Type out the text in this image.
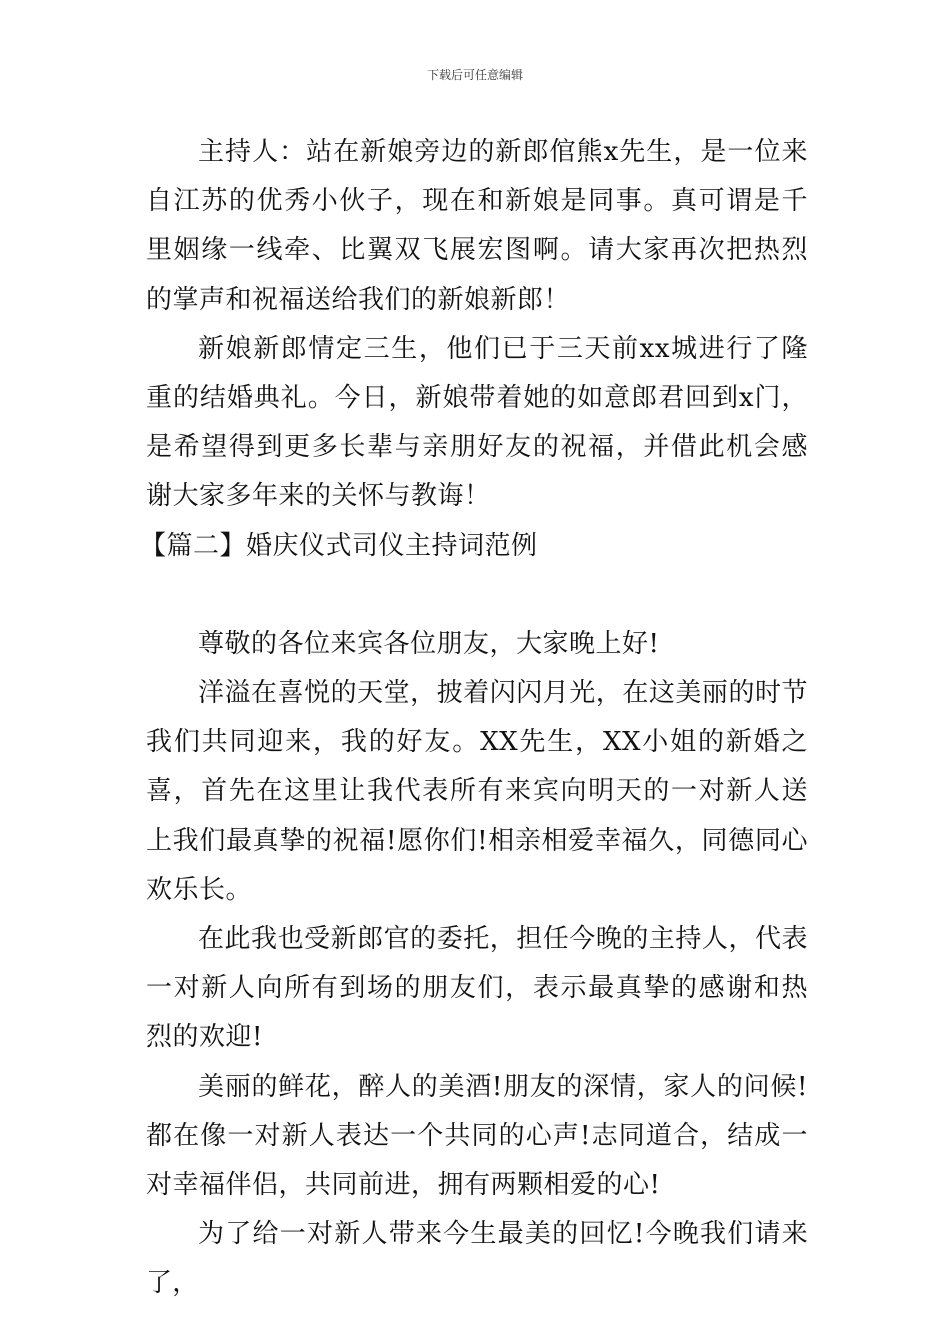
下载后可任意编辑

主持人：站在新娘旁边的新郎倌熊x先生，是一位来自江苏的优秀小伙子，现在和新娘是同事。真可谓是千里姻缘一线牵、比翼双飞展宏图啊。请大家再次把热烈的掌声和祝福送给我们的新娘新郎！

新娘新郎情定三生，他们已于三天前xx城进行了隆重的结婚典礼。今日，新娘带着她的如意郎君回到x门，是希望得到更多长辈与亲朋好友的祝福，并借此机会感谢大家多年来的关怀与教诲！

【篇二】婚庆仪式司仪主持词范例

尊敬的各位来宾各位朋友，大家晚上好!

洋溢在喜悦的天堂，披着闪闪月光，在这美丽的时节我们共同迎来，我的好友。XX先生，XX小姐的新婚之喜，首先在这里让我代表所有来宾向明天的一对新人送上我们最真挚的祝福!愿你们!相亲相爱幸福久，同德同心欢乐长。

在此我也受新郎官的委托，担任今晚的主持人，代表一对新人向所有到场的朋友们，表示最真挚的感谢和热烈的欢迎!

美丽的鲜花，醉人的美酒!朋友的深情，家人的问候!都在像一对新人表达一个共同的心声!志同道合，结成一对幸福伴侣，共同前进，拥有两颗相爱的心!

为了给一对新人带来今生最美的回忆!今晚我们请来了，
